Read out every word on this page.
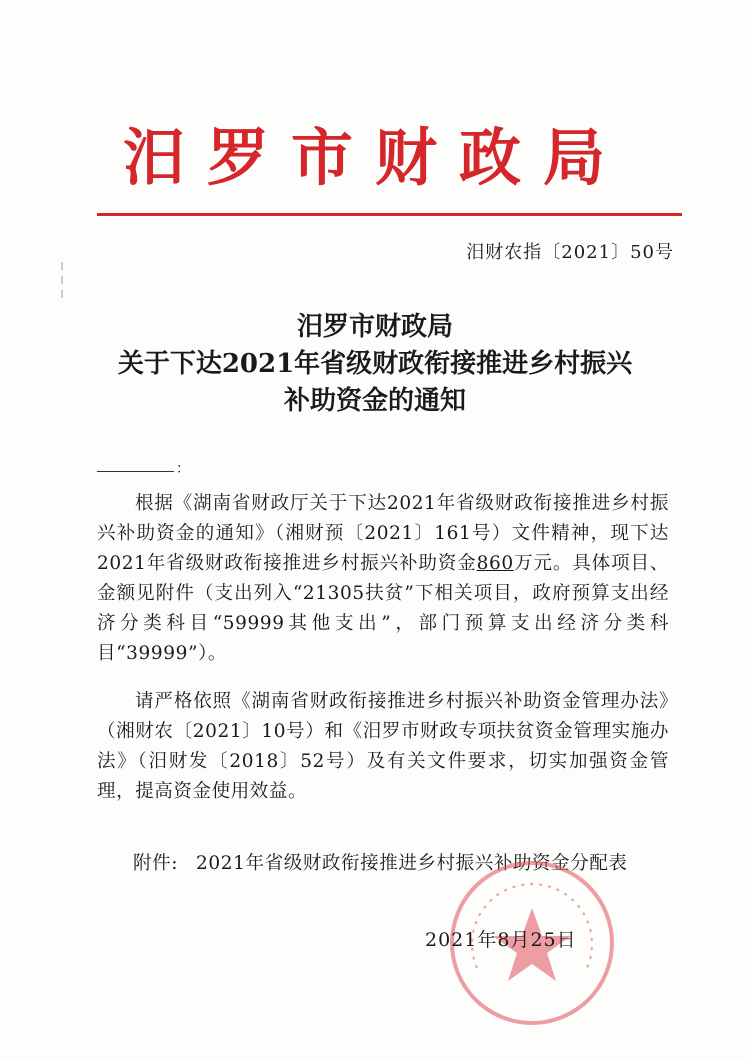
汨罗市财政局
汨财农指〔2021〕50号
汨罗市财政局
关于下达2021年省级财政衔接推进乡村振兴
补助资金的通知
：

根据《湖南省财政厅关于下达2021年省级财政衔接推进乡村振兴补助资金的通知》（湘财预〔2021〕161号）文件精神，现下达2021年省级财政衔接推进乡村振兴补助资金860万元。具体项目、金额见附件（支出列入“21305扶贫”下相关项目，政府预算支出经济分类科目“59999其他支出”，部门预算支出经济分类科目“39999”）。

请严格依照《湖南省财政衔接推进乡村振兴补助资金管理办法》（湘财农〔2021〕10号）和《汨罗市财政专项扶贫资金管理实施办法》（汨财发〔2018〕52号）及有关文件要求，切实加强资金管理，提高资金使用效益。

附件: 2021年省级财政衔接推进乡村振兴补助资金分配表
2021年8月25日
